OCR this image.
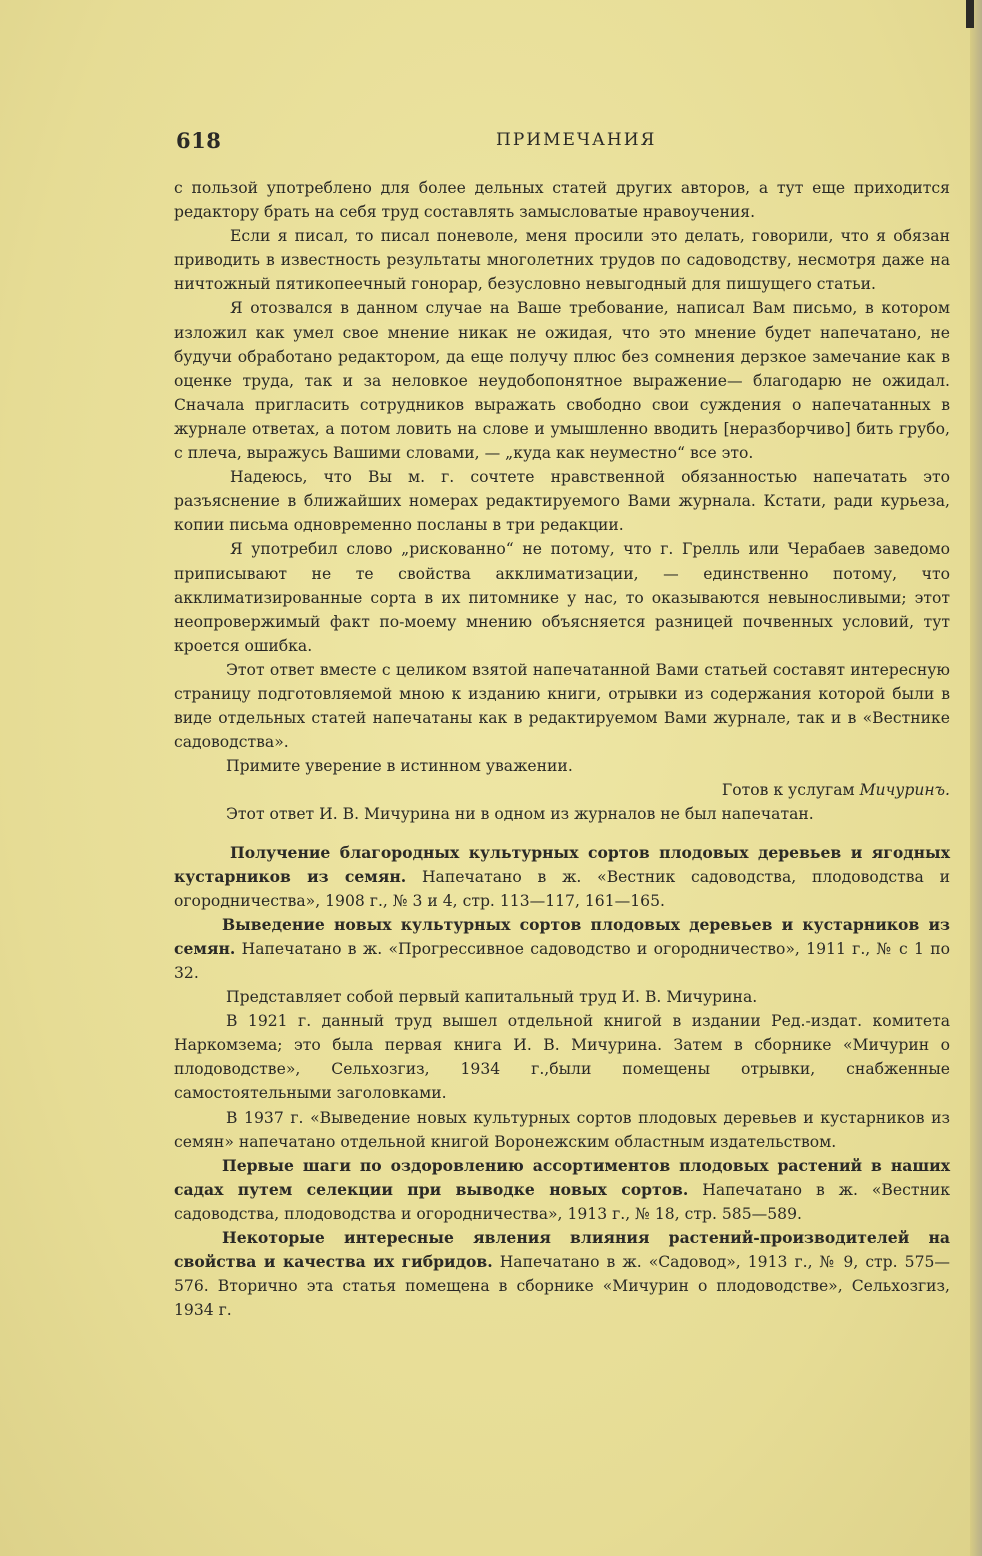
618	ПРИМЕЧАНИЯ

с пользой употреблено для более дельных статей других авторов, а тут еще приходится редактору брать на себя труд составлять замысловатые нравоучения.

Если я писал, то писал поневоле, меня просили это делать, говорили, что я обязан приводить в известность результаты многолетних трудов по садоводству, несмотря даже на ничтожный пятикопеечный гонорар, безусловно невыгодный для пишущего статьи.

Я отозвался в данном случае на Ваше требование, написал Вам письмо, в котором изложил как умел свое мнение никак не ожидая, что это мнение будет напечатано, не будучи обработано редактором, да еще получу плюс без сомнения дерзкое замечание как в оценке труда, так и за неловкое неудобопонятное выражение— благодарю не ожидал. Сначала пригласить сотрудников выражать свободно свои суждения о напечатанных в журнале ответах, а потом ловить на слове и умышленно вводить [неразборчиво] бить грубо, с плеча, выражусь Вашими словами, — „куда как неуместно“ все это.

Надеюсь, что Вы м. г. сочтете нравственной обязанностью напечатать это разъяснение в ближайших номерах редактируемого Вами журнала. Кстати, ради курьеза, копии письма одновременно посланы в три редакции.

Я употребил слово „рискованно“ не потому, что г. Грелль или Черабаев заведомо приписывают не те свойства акклиматизации, — единственно потому, что акклиматизированные сорта в их питомнике у нас, то оказываются невыносливыми; этот неопровержимый факт по-моему мнению объясняется разницей почвенных условий, тут кроется ошибка.

Этот ответ вместе с целиком взятой напечатанной Вами статьей составят интересную страницу подготовляемой мною к изданию книги, отрывки из содержания которой были в виде отдельных статей напечатаны как в редактируемом Вами журнале, так и в «Вестнике садоводства».

Примите уверение в истинном уважении.

Готов к услугам Мичуринъ.

Этот ответ И. В. Мичурина ни в одном из журналов не был напечатан.

Получение благородных культурных сортов плодовых деревьев и ягодных кустарников из семян. Напечатано в ж. «Вестник садоводства, плодоводства и огородничества», 1908 г., № 3 и 4, стр. 113—117, 161—165.

Выведение новых культурных сортов плодовых деревьев и кустарников из семян. Напечатано в ж. «Прогрессивное садоводство и огородничество», 1911 г., № с 1 по 32.

Представляет собой первый капитальный труд И. В. Мичурина.

В 1921 г. данный труд вышел отдельной книгой в издании Ред.-издат. комитета Наркомзема; это была первая книга И. В. Мичурина. Затем в сборнике «Мичурин о плодоводстве», Сельхозгиз, 1934 г.,были помещены отрывки, снабженные самостоятельными заголовками.

В 1937 г. «Выведение новых культурных сортов плодовых деревьев и кустарников из семян» напечатано отдельной книгой Воронежским областным издательством.

Первые шаги по оздоровлению ассортиментов плодовых растений в наших садах путем селекции при выводке новых сортов. Напечатано в ж. «Вестник садоводства, плодоводства и огородничества», 1913 г., № 18, стр. 585—589.

Некоторые интересные явления влияния растений-производителей на свойства и качества их гибридов. Напечатано в ж. «Садовод», 1913 г., № 9, стр. 575—576. Вторично эта статья помещена в сборнике «Мичурин о плодоводстве», Сельхозгиз, 1934 г.
